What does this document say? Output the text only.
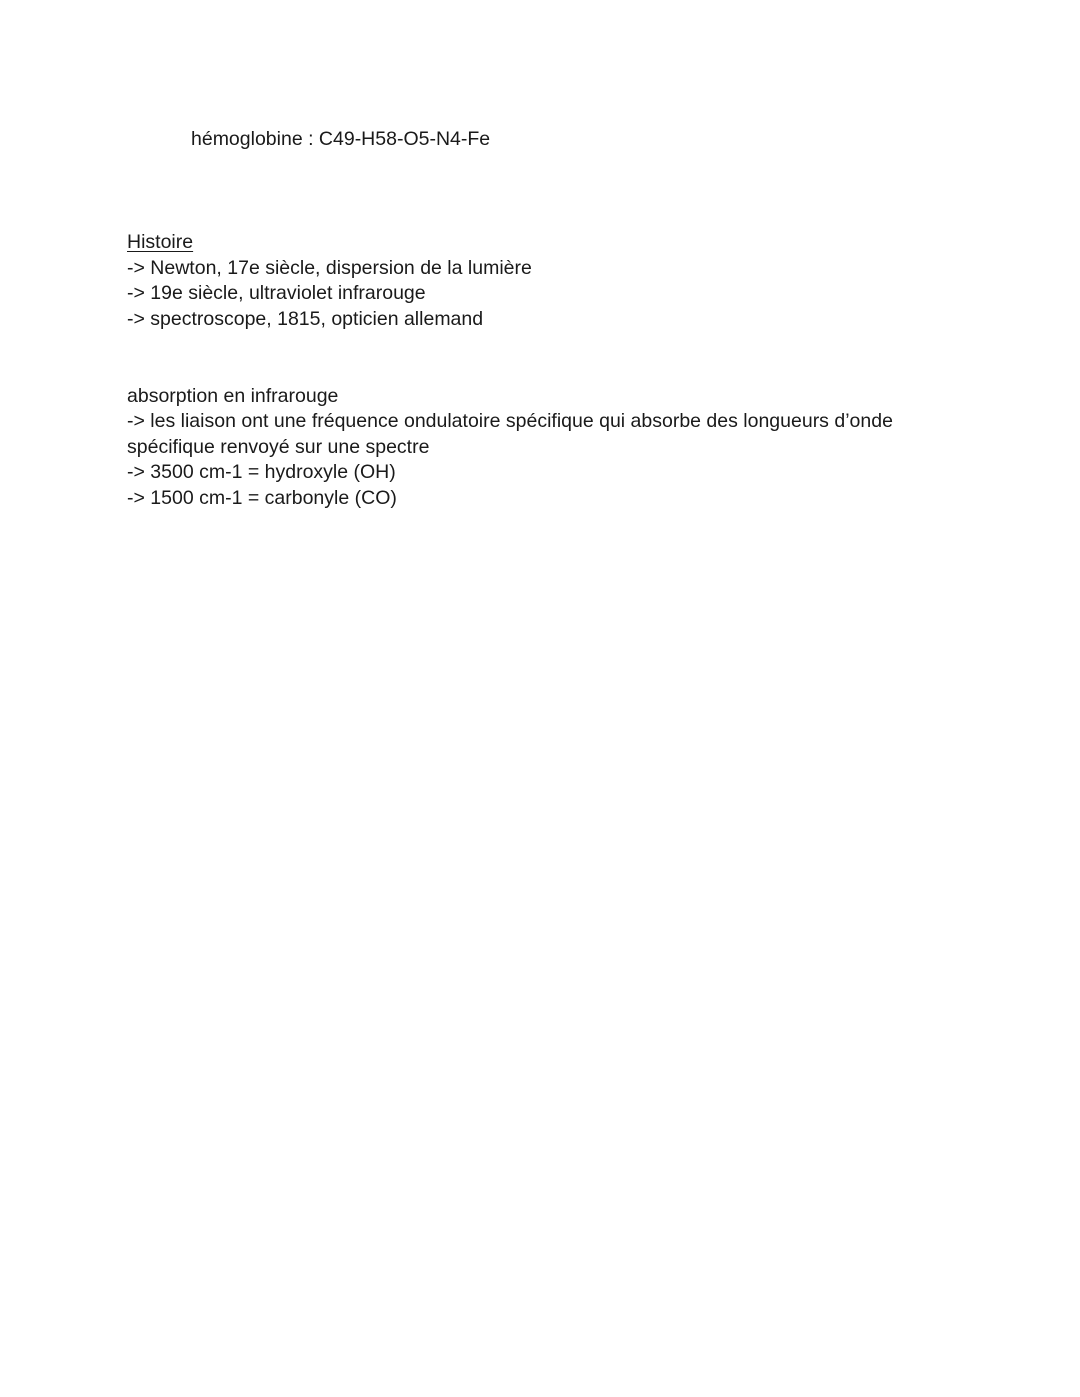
hémoglobine : C49-H58-O5-N4-Fe
Histoire
-> Newton, 17e siècle, dispersion de la lumière
-> 19e siècle, ultraviolet infrarouge
-> spectroscope, 1815, opticien allemand
absorption en infrarouge
-> les liaison ont une fréquence ondulatoire spécifique qui absorbe des longueurs d’onde
spécifique renvoyé sur une spectre
-> 3500 cm-1 = hydroxyle (OH)
-> 1500 cm-1 = carbonyle (CO)
